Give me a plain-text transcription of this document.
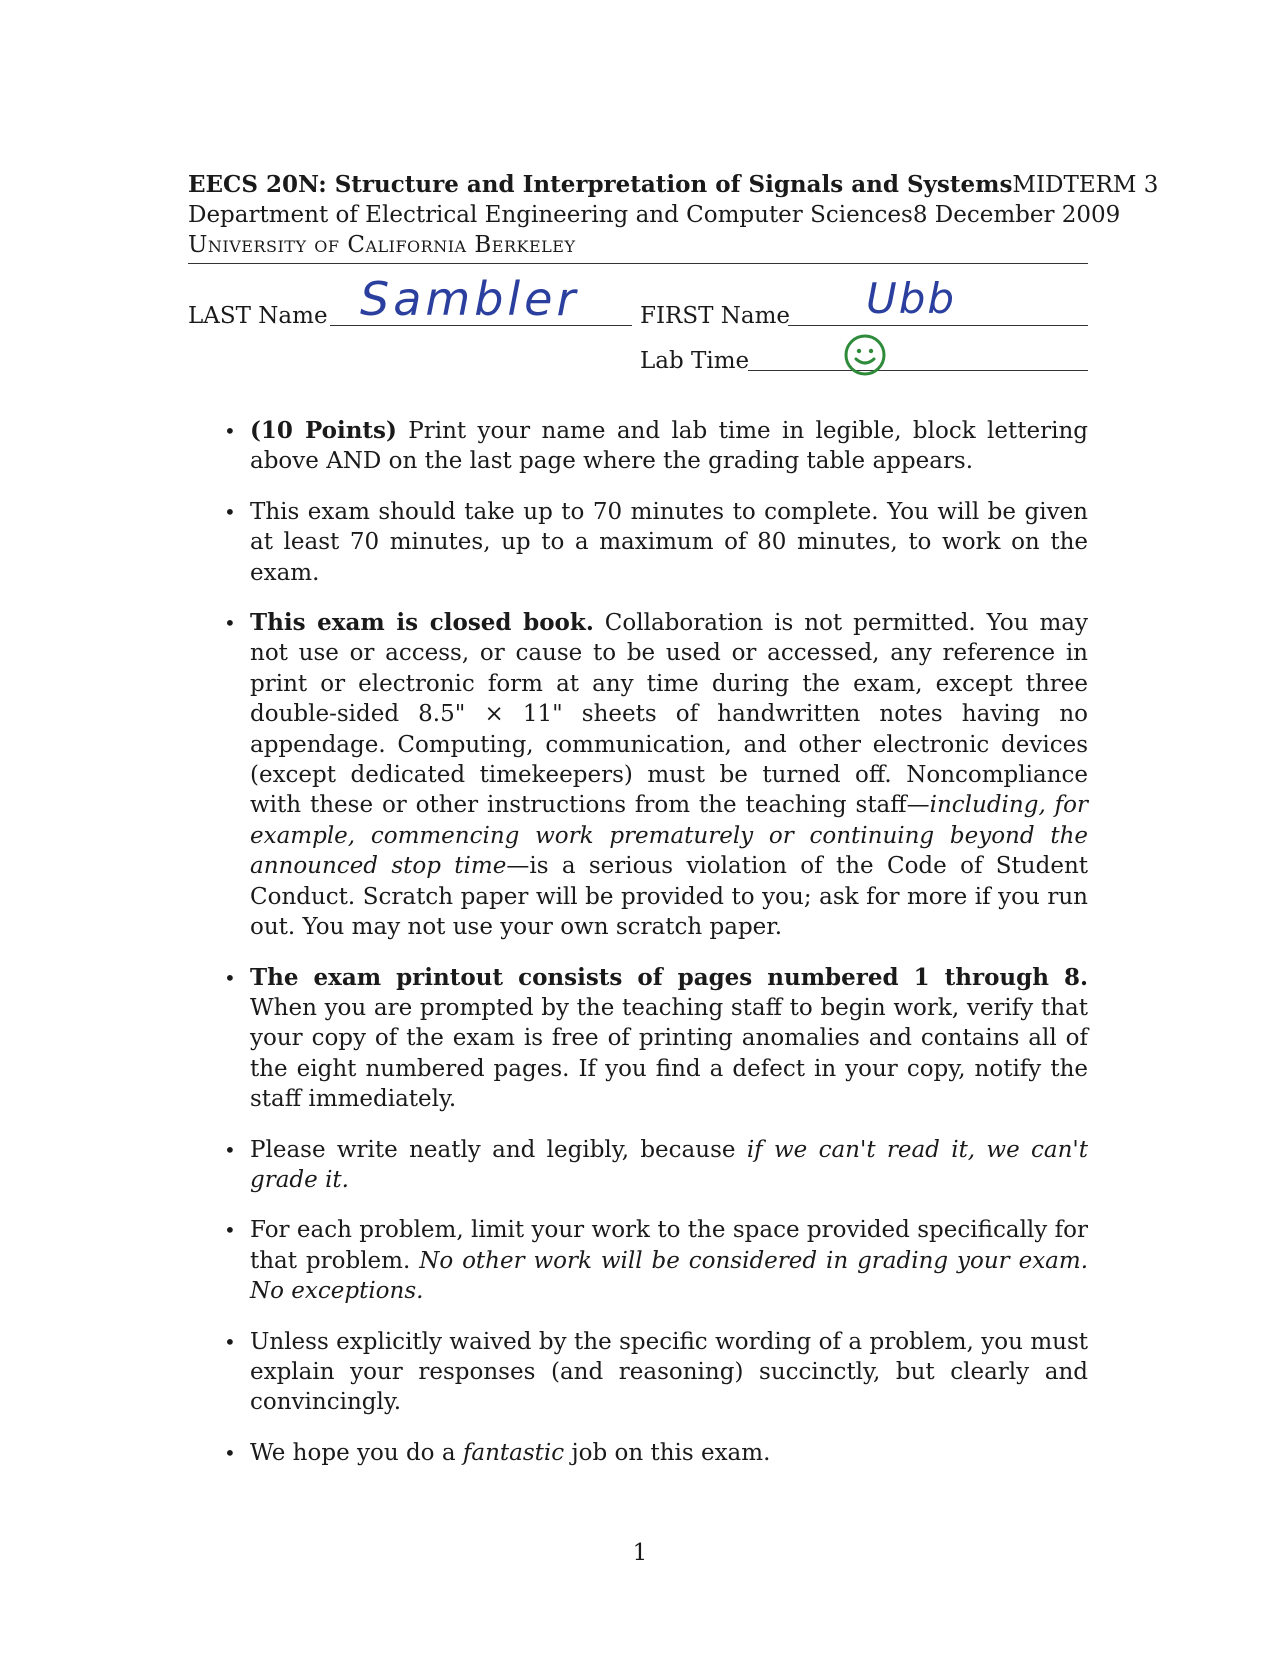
EECS 20N: Structure and Interpretation of Signals and Systems MIDTERM 3
Department of Electrical Engineering and Computer Sciences 8 December 2009
University of California Berkeley
LAST Name Sambler	FIRST Name Ubb
Lab Time
• (10 Points) Print your name and lab time in legible, block lettering above AND on the last page where the grading table appears.
• This exam should take up to 70 minutes to complete. You will be given at least 70 minutes, up to a maximum of 80 minutes, to work on the exam.
• This exam is closed book. Collaboration is not permitted. You may not use or access, or cause to be used or accessed, any reference in print or electronic form at any time during the exam, except three double-sided 8.5" × 11" sheets of handwritten notes having no appendage. Computing, communication, and other electronic devices (except dedicated timekeepers) must be turned off. Noncompliance with these or other instructions from the teaching staff—including, for example, commencing work prematurely or continuing beyond the announced stop time—is a serious violation of the Code of Student Conduct. Scratch paper will be provided to you; ask for more if you run out. You may not use your own scratch paper.
• The exam printout consists of pages numbered 1 through 8. When you are prompted by the teaching staff to begin work, verify that your copy of the exam is free of printing anomalies and contains all of the eight numbered pages. If you find a defect in your copy, notify the staff immediately.
• Please write neatly and legibly, because if we can't read it, we can't grade it.
• For each problem, limit your work to the space provided specifically for that problem. No other work will be considered in grading your exam. No exceptions.
• Unless explicitly waived by the specific wording of a problem, you must explain your responses (and reasoning) succinctly, but clearly and convincingly.
• We hope you do a fantastic job on this exam.
1
